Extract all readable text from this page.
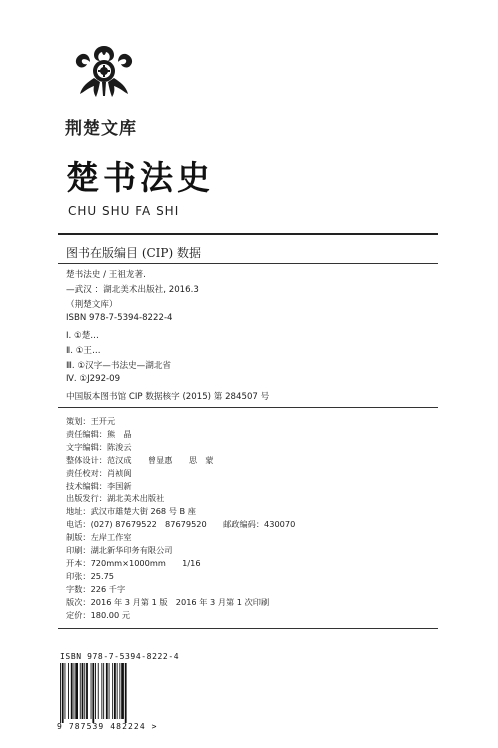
荆楚文库
楚书法史
CHU SHU FA SHI
图书在版编目 (CIP) 数据
楚书法史 / 王祖龙著.
—武汉 ：湖北美术出版社, 2016.3
（荆楚文库）
ISBN 978-7-5394-8222-4
Ⅰ. ①楚…
Ⅱ. ①王…
Ⅲ. ①汉字—书法史—湖北省
Ⅳ. ①J292-09
中国版本图书馆 CIP 数据核字 (2015) 第 284507 号
策划：王开元
责任编辑：熊　晶
文字编辑：陈浚云
整体设计：范汉成　　曾显惠　　思　蒙
责任校对：肖祯阆
技术编辑：李国新
出版发行：湖北美术出版社
地址：武汉市雄楚大街 268 号 B 座
电话：(027) 87679522　87679520　　邮政编码：430070
制版：左岸工作室
印刷：湖北新华印务有限公司
开本：720mm×1000mm　　1/16
印张：25.75
字数：226 千字
版次：2016 年 3 月第 1 版　2016 年 3 月第 1 次印刷
定价：180.00 元
ISBN 978-7-5394-8222-4
9 787539 482224 >
